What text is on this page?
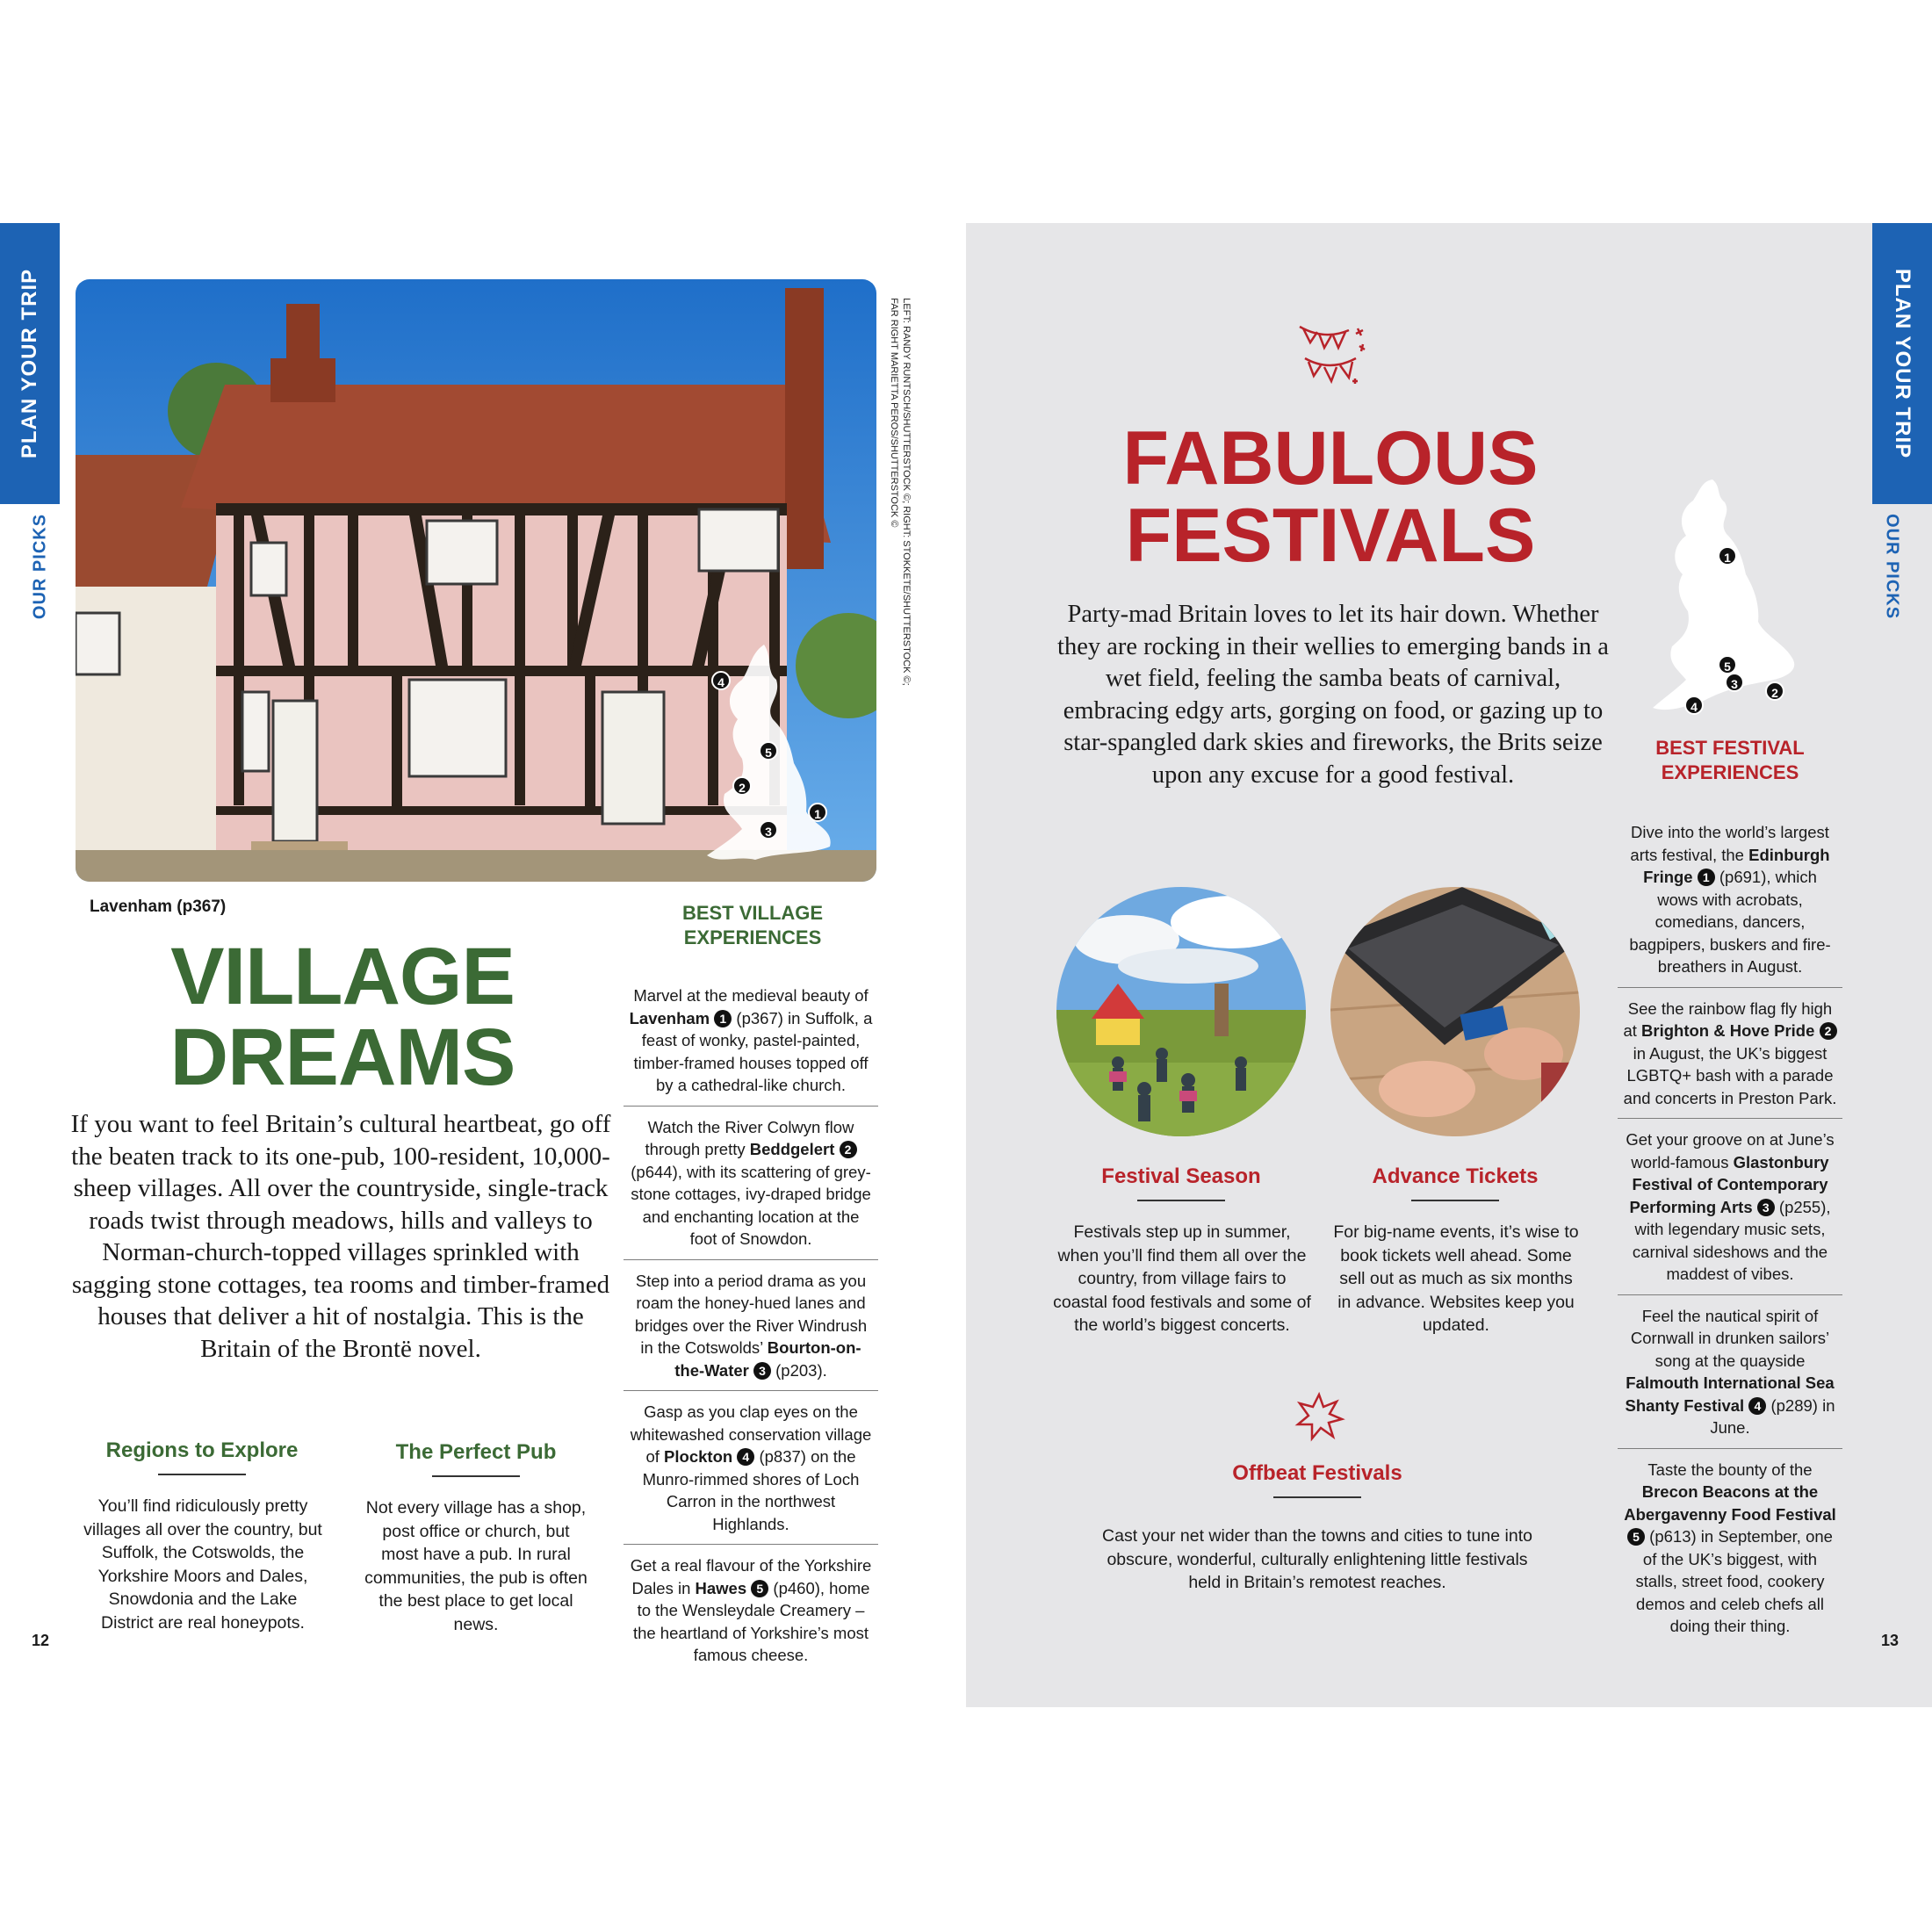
PLAN YOUR TRIP
OUR PICKS
PLAN YOUR TRIP
OUR PICKS
4
5
2
1
3
LEFT: RANDY RUNTSCH/SHUTTERSTOCK ©; RIGHT: STOKKETE/SHUTTERSTOCK ©;
FAR RIGHT MARIETTA PEROS/SHUTTERSTOCK ©
Lavenham (p367)
VILLAGE
DREAMS
If you want to feel Britain’s cultural heartbeat, go off the beaten track to its one-pub, 100-resident, 10,000-sheep villages. All over the countryside, single-track roads twist through meadows, hills and valleys to Norman-church-topped villages sprinkled with sagging stone cottages, tea rooms and timber-framed houses that deliver a hit of nostalgia. This is the Britain of the Brontë novel.
Regions to Explore
You’ll find ridiculously pretty villages all over the country, but Suffolk, the Cotswolds, the Yorkshire Moors and Dales, Snowdonia and the Lake District are real honeypots.
The Perfect Pub
Not every village has a shop, post office or church, but most have a pub. In rural communities, the pub is often the best place to get local news.
BEST VILLAGE
EXPERIENCES
Marvel at the medieval beauty of Lavenham 1 (p367) in Suffolk, a feast of wonky, pastel-painted, timber-framed houses topped off by a cathedral-like church.
Watch the River Colwyn flow through pretty Beddgelert 2 (p644), with its scattering of grey-stone cottages, ivy-draped bridge and enchanting location at the foot of Snowdon.
Step into a period drama as you roam the honey-hued lanes and bridges over the River Windrush in the Cotswolds’ Bourton-on-the-Water 3 (p203).
Gasp as you clap eyes on the whitewashed conservation village of Plockton 4 (p837) on the Munro-rimmed shores of Loch Carron in the northwest Highlands.
Get a real flavour of the Yorkshire Dales in Hawes 5 (p460), home to the Wensleydale Creamery – the heartland of Yorkshire’s most famous cheese.
12
FABULOUS
FESTIVALS
Party-mad Britain loves to let its hair down. Whether they are rocking in their wellies to emerging bands in a wet field, feeling the samba beats of carnival, embracing edgy arts, gorging on food, or gazing up to star-spangled dark skies and fireworks, the Brits seize upon any excuse for a good festival.
Festival Season
Festivals step up in summer, when you’ll find them all over the country, from village fairs to coastal food festivals and some of the world’s biggest concerts.
Advance Tickets
For big-name events, it’s wise to book tickets well ahead. Some sell out as much as six months in advance. Websites keep you updated.
Offbeat Festivals
Cast your net wider than the towns and cities to tune into obscure, wonderful, culturally enlightening little festivals held in Britain’s remotest reaches.
1
5
3
2
4
BEST FESTIVAL
EXPERIENCES
Dive into the world’s largest arts festival, the Edinburgh Fringe 1 (p691), which wows with acrobats, comedians, dancers, bagpipers, buskers and fire-breathers in August.
See the rainbow flag fly high at Brighton & Hove Pride 2 in August, the UK’s biggest LGBTQ+ bash with a parade and concerts in Preston Park.
Get your groove on at June’s world-famous Glastonbury Festival of Contemporary Performing Arts 3 (p255), with legendary music sets, carnival sideshows and the maddest of vibes.
Feel the nautical spirit of Cornwall in drunken sailors’ song at the quayside Falmouth International Sea Shanty Festival 4 (p289) in June.
Taste the bounty of the Brecon Beacons at the Abergavenny Food Festival 5 (p613) in September, one of the UK’s biggest, with stalls, street food, cookery demos and celeb chefs all doing their thing.
13
